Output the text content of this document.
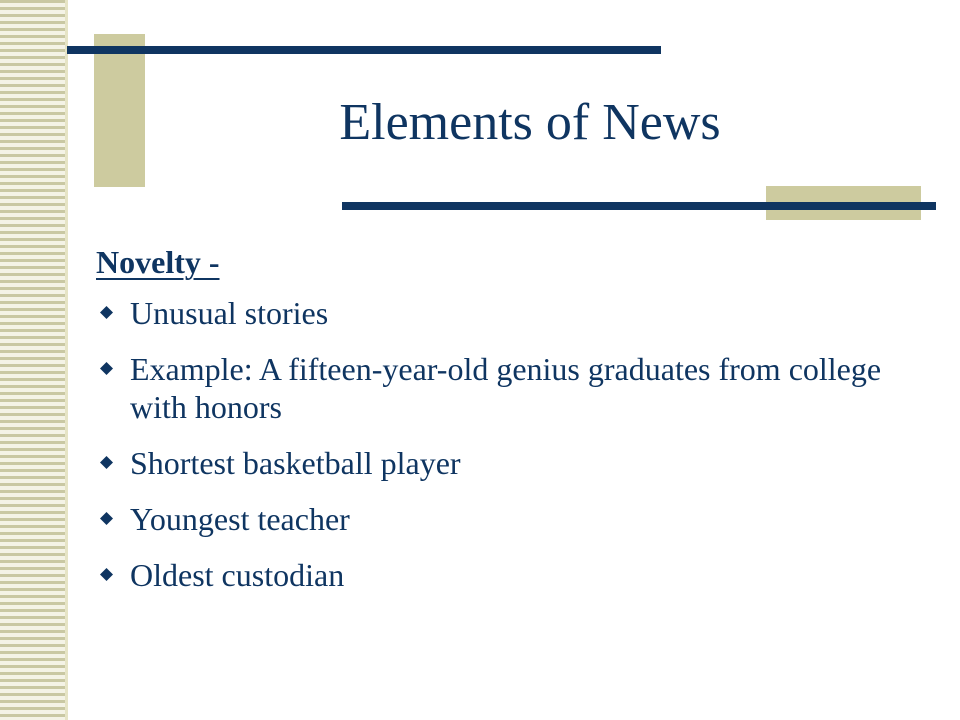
Elements of News
Novelty -
Unusual stories
Example: A fifteen-year-old genius graduates from college with honors
Shortest basketball player
Youngest teacher
Oldest custodian
